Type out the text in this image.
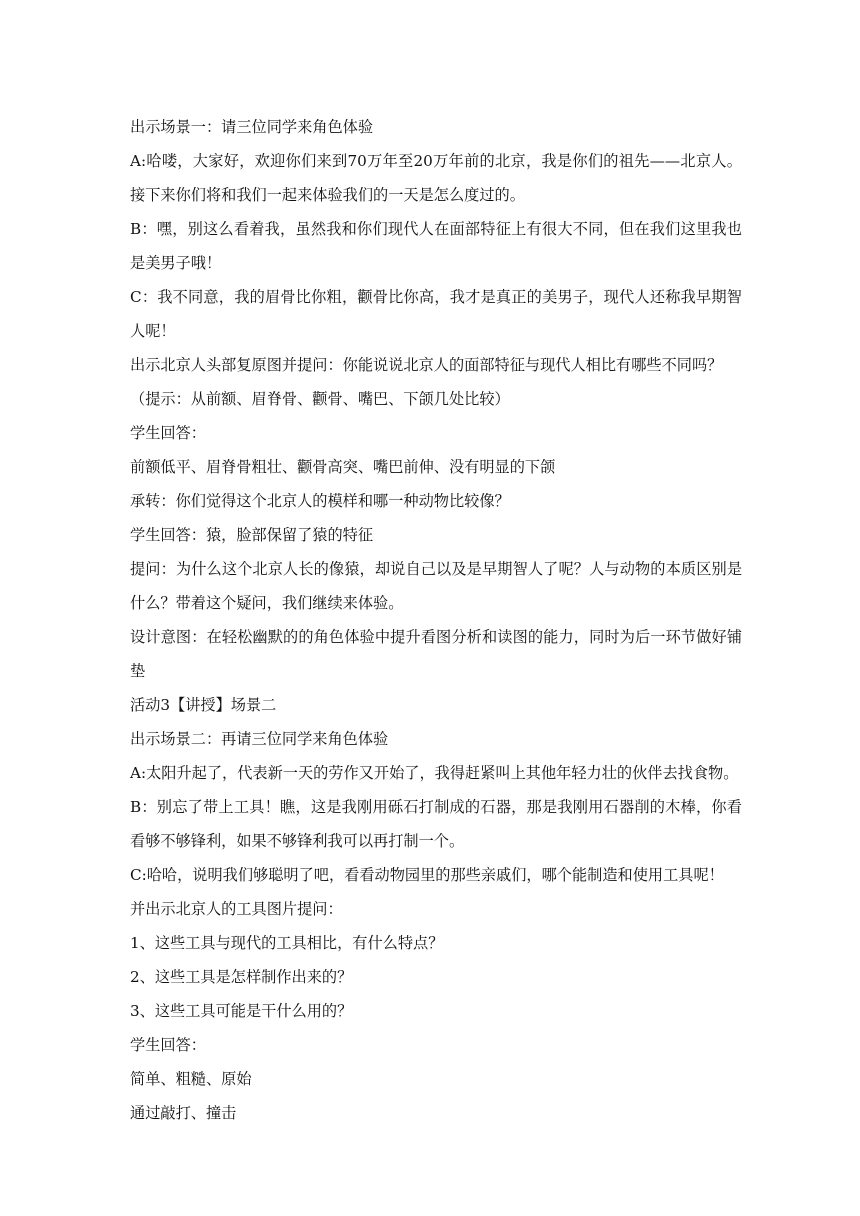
出示场景一：请三位同学来角色体验

A:哈喽，大家好，欢迎你们来到70万年至20万年前的北京，我是你们的祖先——北京人。接下来你们将和我们一起来体验我们的一天是怎么度过的。

B：嘿，别这么看着我，虽然我和你们现代人在面部特征上有很大不同，但在我们这里我也是美男子哦！

C：我不同意，我的眉骨比你粗，颧骨比你高，我才是真正的美男子，现代人还称我早期智人呢！

出示北京人头部复原图并提问：你能说说北京人的面部特征与现代人相比有哪些不同吗？

（提示：从前额、眉脊骨、颧骨、嘴巴、下颌几处比较）

学生回答：

前额低平、眉脊骨粗壮、颧骨高突、嘴巴前伸、没有明显的下颌

承转：你们觉得这个北京人的模样和哪一种动物比较像？

学生回答：猿，脸部保留了猿的特征

提问：为什么这个北京人长的像猿，却说自己以及是早期智人了呢？人与动物的本质区别是什么？带着这个疑问，我们继续来体验。

设计意图：在轻松幽默的的角色体验中提升看图分析和读图的能力，同时为后一环节做好铺垫

活动3【讲授】场景二

出示场景二：再请三位同学来角色体验

A:太阳升起了，代表新一天的劳作又开始了，我得赶紧叫上其他年轻力壮的伙伴去找食物。

B：别忘了带上工具！瞧，这是我刚用砾石打制成的石器，那是我刚用石器削的木棒，你看看够不够锋利，如果不够锋利我可以再打制一个。

C:哈哈，说明我们够聪明了吧，看看动物园里的那些亲戚们，哪个能制造和使用工具呢！

并出示北京人的工具图片提问：

1、这些工具与现代的工具相比，有什么特点？

2、这些工具是怎样制作出来的？

3、这些工具可能是干什么用的？

学生回答：

简单、粗糙、原始

通过敲打、撞击
